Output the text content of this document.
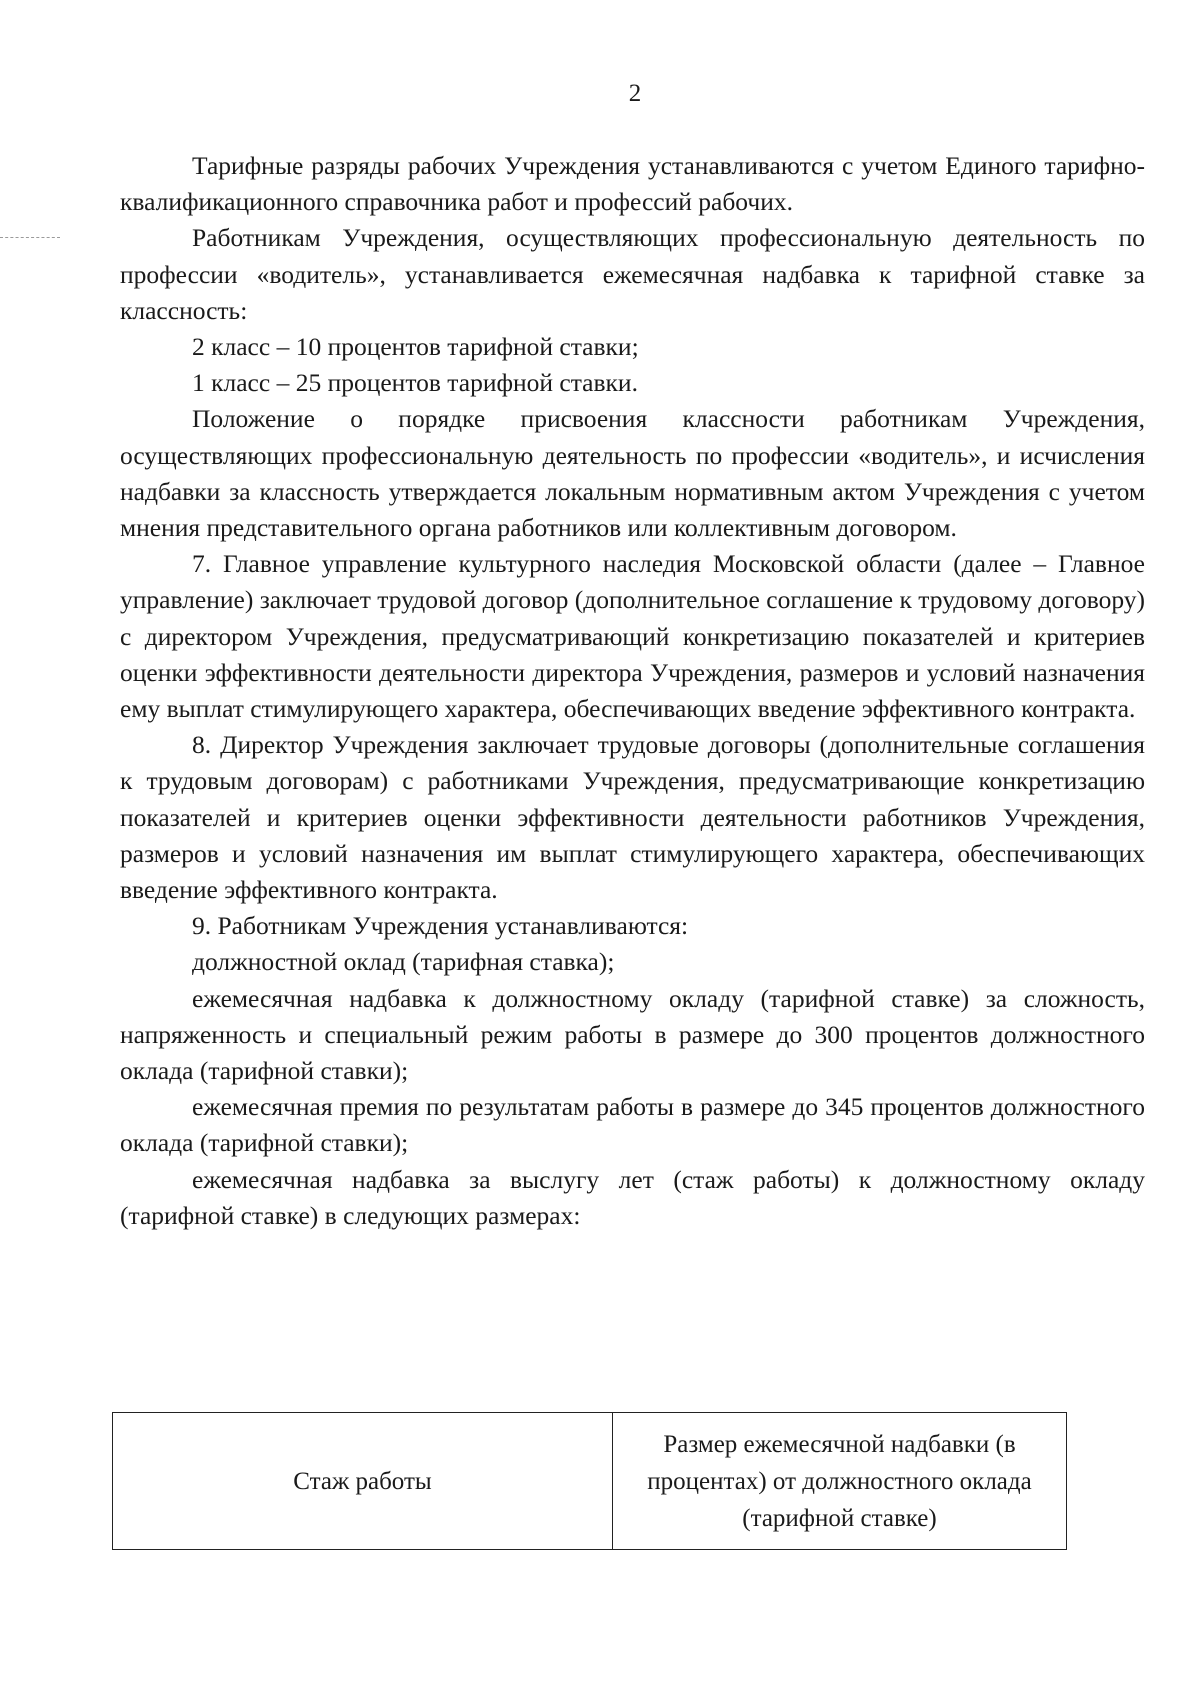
2

Тарифные разряды рабочих Учреждения устанавливаются с учетом Единого тарифно-квалификационного справочника работ и профессий рабочих.

Работникам Учреждения, осуществляющих профессиональную деятельность по профессии «водитель», устанавливается ежемесячная надбавка к тарифной ставке за классность:

2 класс – 10 процентов тарифной ставки;

1 класс – 25 процентов тарифной ставки.

Положение о порядке присвоения классности работникам Учреждения, осуществляющих профессиональную деятельность по профессии «водитель», и исчисления надбавки за классность утверждается локальным нормативным актом Учреждения с учетом мнения представительного органа работников или коллективным договором.

7. Главное управление культурного наследия Московской области (далее – Главное управление) заключает трудовой договор (дополнительное соглашение к трудовому договору) с директором Учреждения, предусматривающий конкретизацию показателей и критериев оценки эффективности деятельности директора Учреждения, размеров и условий назначения ему выплат стимулирующего характера, обеспечивающих введение эффективного контракта.

8. Директор Учреждения заключает трудовые договоры (дополнительные соглашения к трудовым договорам) с работниками Учреждения, предусматривающие конкретизацию показателей и критериев оценки эффективности деятельности работников Учреждения, размеров и условий назначения им выплат стимулирующего характера, обеспечивающих введение эффективного контракта.

9. Работникам Учреждения устанавливаются:

должностной оклад (тарифная ставка);

ежемесячная надбавка к должностному окладу (тарифной ставке) за сложность, напряженность и специальный режим работы в размере до 300 процентов должностного оклада (тарифной ставки);

ежемесячная премия по результатам работы в размере до 345 процентов должностного оклада (тарифной ставки);

ежемесячная надбавка за выслугу лет (стаж работы) к должностному окладу (тарифной ставке) в следующих размерах:

Стаж работы
Размер ежемесячной надбавки (в процентах) от должностного оклада (тарифной ставке)
